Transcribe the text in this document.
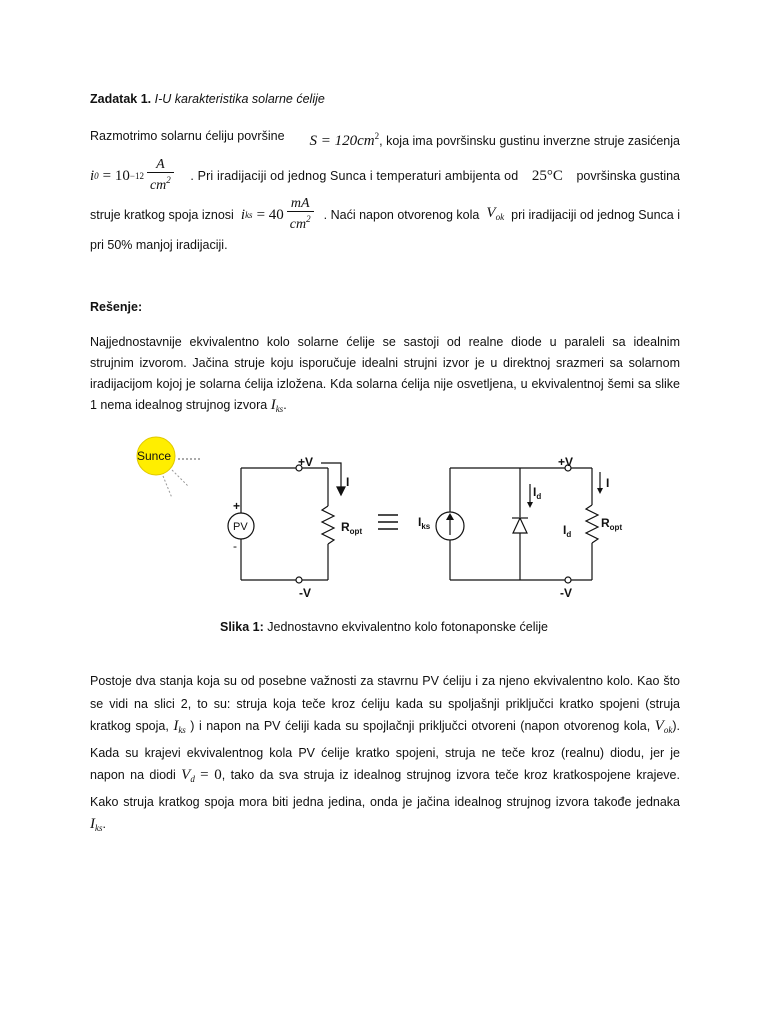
Zadatak 1. I-U karakteristika solarne ćelije
Razmotrimo solarnu ćeliju površine $S = 120cm^2$, koja ima površinsku gustinu inverzne struje zasićenja
i $0 = 10 -12 \frac{A}{cm^2}$ . Pri iradijaciji od jednog Sunca i temperaturi ambijenta od 25°C površinska gustina
struje kratkog spoja iznosi i ks = $40 \frac{mA}{cm^2}$ . Naći napon otvorenog kola $V_{ok}$ pri iradijaciji od jednog Sunca i
pri 50% manjoj iradijaciji.
Rešenje:
Najjednostavnije ekvivalentno kolo solarne ćelije se sastoji od realne diode u paraleli sa idealnim
strujnim izvorom. Jačina struje koju isporučuje idealni strujni izvor je u direktnoj srazmeri sa solarnom
iradijacijom kojoj je solarna ćelija izložena. Kda solarna ćelija nije osvetljena, u ekvivalentnoj šemi sa slike
1 nema idealnog strujnog izvora $I_{ks}$.
Sunce
PV
+
-
+V
-V
I
$R_{opt}$
+V
-V
$I_{ks}$
$I_d$
$I_d$
I
$R_{opt}$
Slika 1: Jednostavno ekvivalentno kolo fotonaponske ćelije
Postoje dva stanja koja su od posebne važnosti za stavrnu PV ćeliju i za njeno ekvivalentno kolo. Kao što
se vidi na slici 2, to su: struja koja teče kroz ćeliju kada su spoljašnji priključci kratko spojeni (struja
kratkog spoja, $I_{ks}$ ) i napon na PV ćeliji kada su spojlačnji priključci otvoreni (napon otvorenog kola, $V_{ok}$).
Kada su krajevi ekvivalentnog kola PV ćelije kratko spojeni, struja ne teče kroz (realnu) diodu, jer je
napon na diodi $V_d = 0$, tako da sva struja iz idealnog strujnog izvora teče kroz kratkospojene krajeve.
Kako struja kratkog spoja mora biti jedna jedina, onda je jačina idealnog strujnog izvora takođe jednaka
$I_{ks}$.
